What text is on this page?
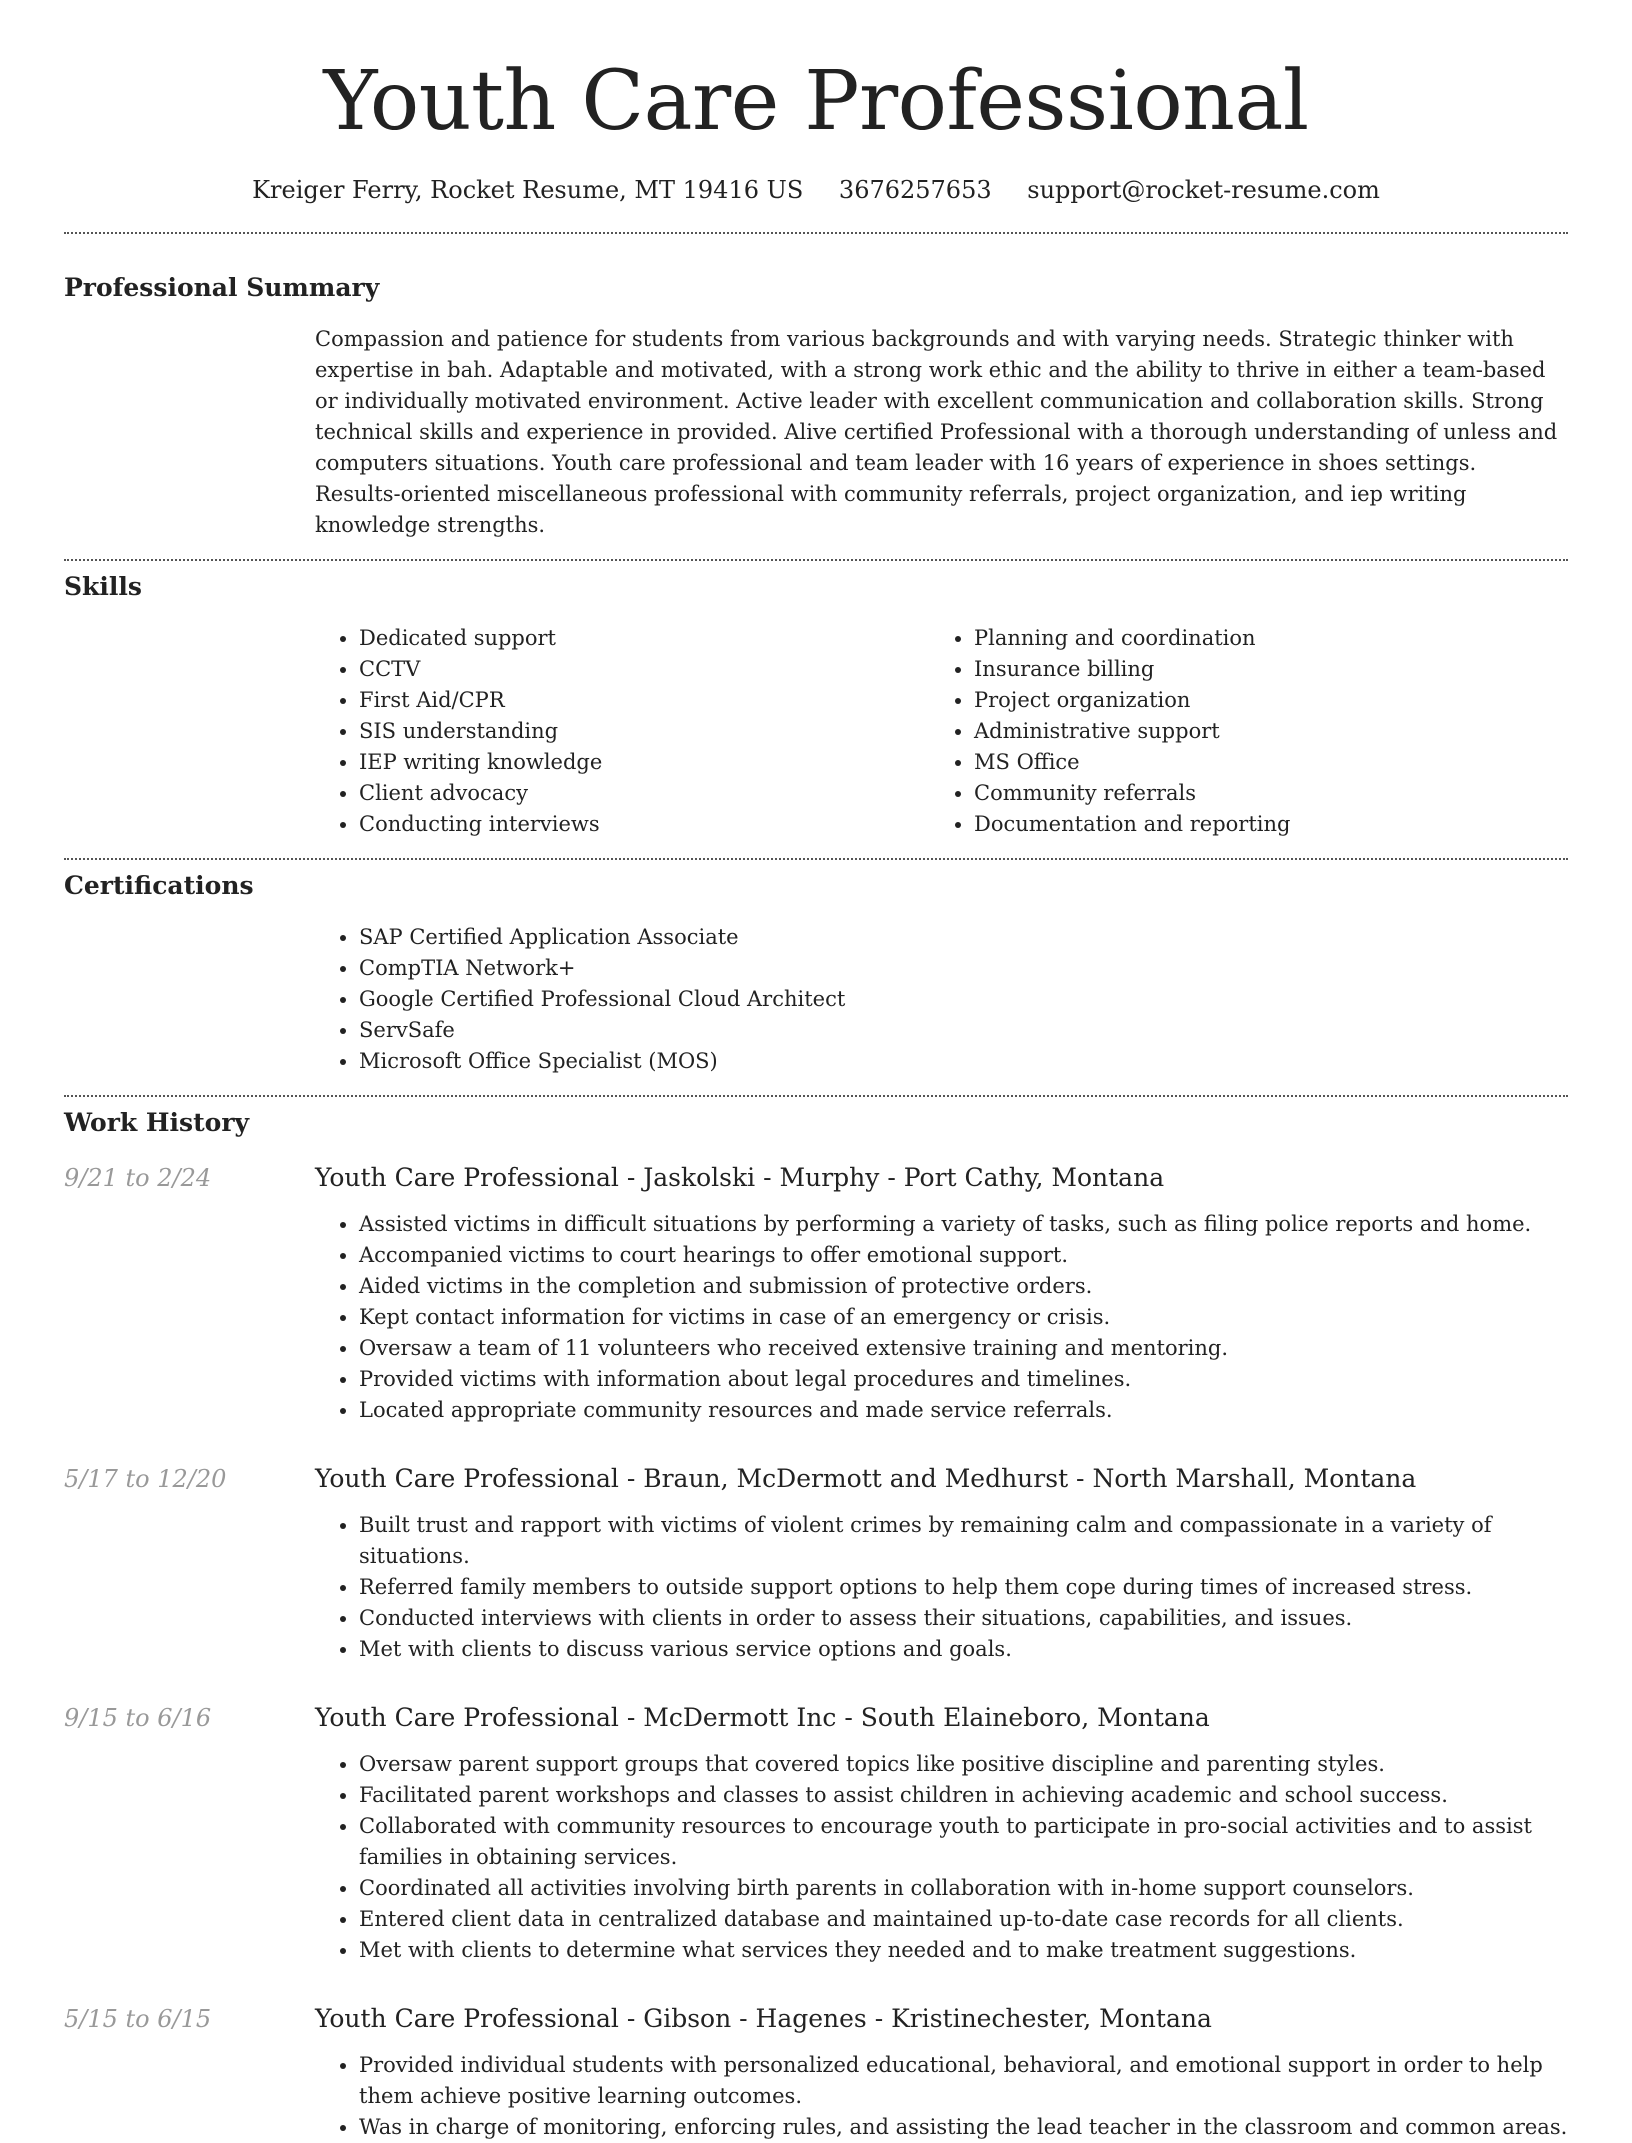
Youth Care Professional
Kreiger Ferry, Rocket Resume, MT 19416 US 3676257653 support@rocket-resume.com
Professional Summary
Compassion and patience for students from various backgrounds and with varying needs. Strategic thinker with expertise in bah. Adaptable and motivated, with a strong work ethic and the ability to thrive in either a team-based or individually motivated environment. Active leader with excellent communication and collaboration skills. Strong technical skills and experience in provided. Alive certified Professional with a thorough understanding of unless and computers situations. Youth care professional and team leader with 16 years of experience in shoes settings. Results-oriented miscellaneous professional with community referrals, project organization, and iep writing knowledge strengths.
Skills
• Dedicated support
• CCTV
• First Aid/CPR
• SIS understanding
• IEP writing knowledge
• Client advocacy
• Conducting interviews
• Planning and coordination
• Insurance billing
• Project organization
• Administrative support
• MS Office
• Community referrals
• Documentation and reporting
Certifications
• SAP Certified Application Associate
• CompTIA Network+
• Google Certified Professional Cloud Architect
• ServSafe
• Microsoft Office Specialist (MOS)
Work History
9/21 to 2/24	Youth Care Professional - Jaskolski - Murphy - Port Cathy, Montana
• Assisted victims in difficult situations by performing a variety of tasks, such as filing police reports and home.
• Accompanied victims to court hearings to offer emotional support.
• Aided victims in the completion and submission of protective orders.
• Kept contact information for victims in case of an emergency or crisis.
• Oversaw a team of 11 volunteers who received extensive training and mentoring.
• Provided victims with information about legal procedures and timelines.
• Located appropriate community resources and made service referrals.
5/17 to 12/20	Youth Care Professional - Braun, McDermott and Medhurst - North Marshall, Montana
• Built trust and rapport with victims of violent crimes by remaining calm and compassionate in a variety of situations.
• Referred family members to outside support options to help them cope during times of increased stress.
• Conducted interviews with clients in order to assess their situations, capabilities, and issues.
• Met with clients to discuss various service options and goals.
9/15 to 6/16	Youth Care Professional - McDermott Inc - South Elaineboro, Montana
• Oversaw parent support groups that covered topics like positive discipline and parenting styles.
• Facilitated parent workshops and classes to assist children in achieving academic and school success.
• Collaborated with community resources to encourage youth to participate in pro-social activities and to assist families in obtaining services.
• Coordinated all activities involving birth parents in collaboration with in-home support counselors.
• Entered client data in centralized database and maintained up-to-date case records for all clients.
• Met with clients to determine what services they needed and to make treatment suggestions.
5/15 to 6/15	Youth Care Professional - Gibson - Hagenes - Kristinechester, Montana
• Provided individual students with personalized educational, behavioral, and emotional support in order to help them achieve positive learning outcomes.
• Was in charge of monitoring, enforcing rules, and assisting the lead teacher in the classroom and common areas.
